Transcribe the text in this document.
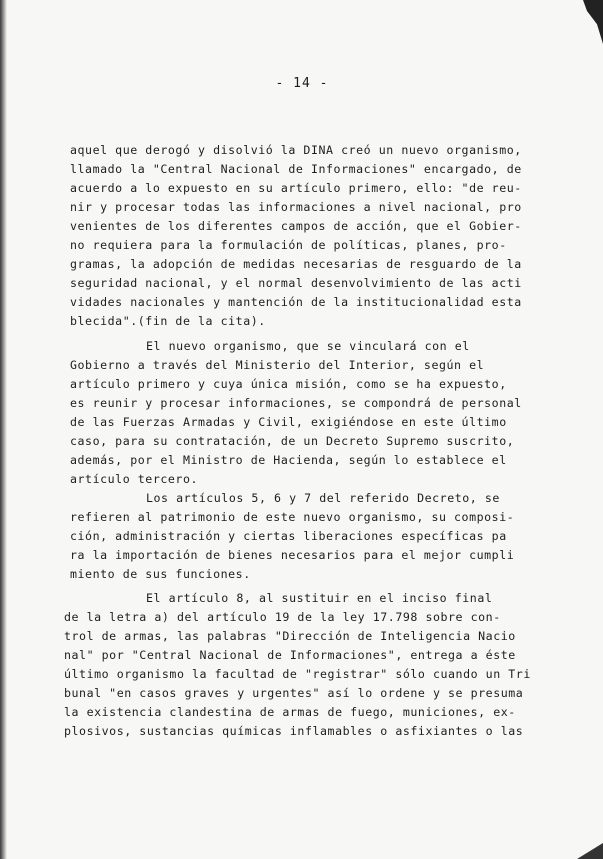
- 14 -
aquel que derogó y disolvió la DINA creó un nuevo organismo,
llamado la "Central Nacional de Informaciones" encargado, de
acuerdo a lo expuesto en su artículo primero, ello: "de reu-
nir y procesar todas las informaciones a nivel nacional, pro
venientes de los diferentes campos de acción, que el Gobier-
no requiera para la formulación de políticas, planes, pro-
gramas, la adopción de medidas necesarias de resguardo de la
seguridad nacional, y el normal desenvolvimiento de las acti
vidades nacionales y mantención de la institucionalidad esta
blecida".(fin de la cita).
El nuevo organismo, que se vinculará con el
Gobierno a través del Ministerio del Interior, según el
artículo primero y cuya única misión, como se ha expuesto,
es reunir y procesar informaciones, se compondrá de personal
de las Fuerzas Armadas y Civil, exigiéndose en este último
caso, para su contratación, de un Decreto Supremo suscrito,
además, por el Ministro de Hacienda, según lo establece el
artículo tercero.
Los artículos 5, 6 y 7 del referido Decreto, se
refieren al patrimonio de este nuevo organismo, su composi-
ción, administración y ciertas liberaciones específicas pa
ra la importación de bienes necesarios para el mejor cumpli
miento de sus funciones.
El artículo 8, al sustituir en el inciso final
de la letra a) del artículo 19 de la ley 17.798 sobre con-
trol de armas, las palabras "Dirección de Inteligencia Nacio
nal" por "Central Nacional de Informaciones", entrega a éste
último organismo la facultad de "registrar" sólo cuando un Tri
bunal "en casos graves y urgentes" así lo ordene y se presuma
la existencia clandestina de armas de fuego, municiones, ex-
plosivos, sustancias químicas inflamables o asfixiantes o las
